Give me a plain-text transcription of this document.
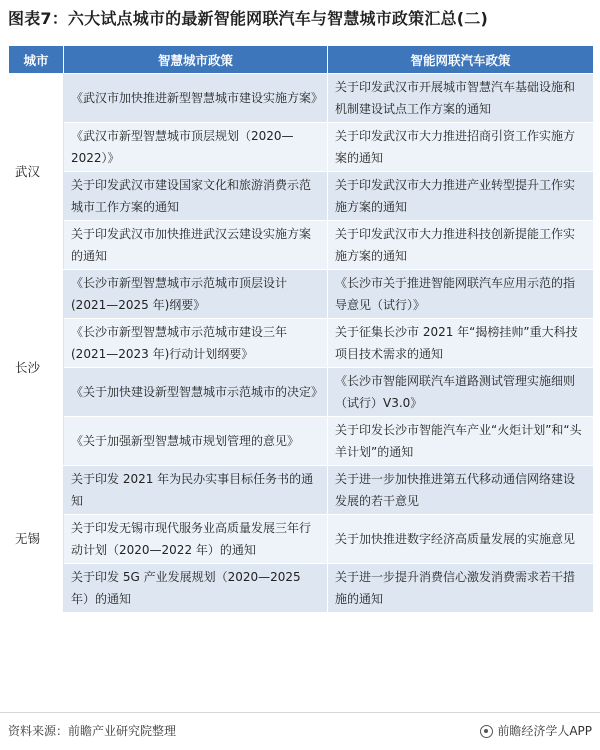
图表7：六大试点城市的最新智能网联汽车与智慧城市政策汇总(二)
城市	智慧城市政策	智能网联汽车政策
武汉	《武汉市加快推进新型智慧城市建设实施方案》	关于印发武汉市开展城市智慧汽车基础设施和机制建设试点工作方案的通知
	《武汉市新型智慧城市顶层规划（2020—2022）》	关于印发武汉市大力推进招商引资工作实施方案的通知
	关于印发武汉市建设国家文化和旅游消费示范城市工作方案的通知	关于印发武汉市大力推进产业转型提升工作实施方案的通知
	关于印发武汉市加快推进武汉云建设实施方案的通知	关于印发武汉市大力推进科技创新提能工作实施方案的通知
长沙	《长沙市新型智慧城市示范城市顶层设计(2021—2025 年)纲要》	《长沙市关于推进智能网联汽车应用示范的指导意见（试行）》
	《长沙市新型智慧城市示范城市建设三年(2021—2023 年)行动计划纲要》	关于征集长沙市 2021 年“揭榜挂帅”重大科技项目技术需求的通知
	《关于加快建设新型智慧城市示范城市的决定》	《长沙市智能网联汽车道路测试管理实施细则（试行）V3.0》
	《关于加强新型智慧城市规划管理的意见》	关于印发长沙市智能汽车产业“火炬计划”和“头羊计划”的通知
无锡	关于印发 2021 年为民办实事目标任务书的通知	关于进一步加快推进第五代移动通信网络建设发展的若干意见
	关于印发无锡市现代服务业高质量发展三年行动计划（2020—2022 年）的通知	关于加快推进数字经济高质量发展的实施意见
	关于印发 5G 产业发展规划（2020—2025 年）的通知	关于进一步提升消费信心激发消费需求若干措施的通知
资料来源：前瞻产业研究院整理	前瞻经济学人APP
